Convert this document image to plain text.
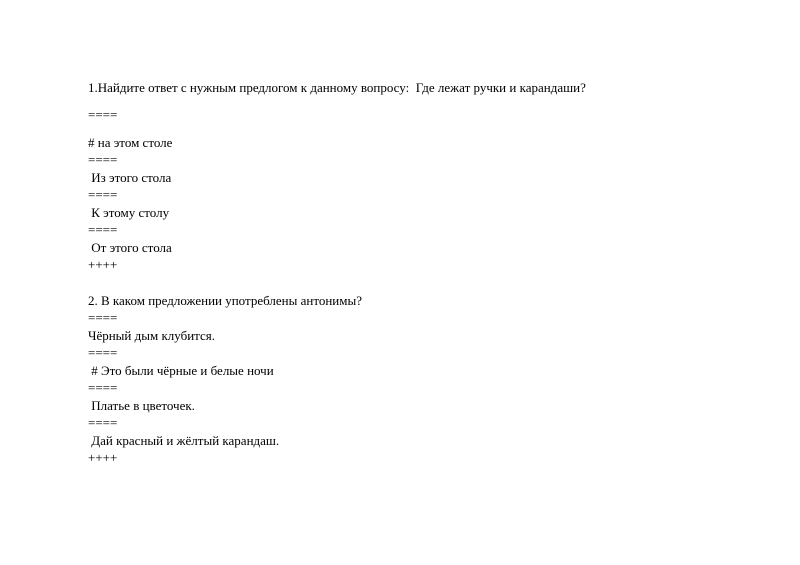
1.Найдите ответ с нужным предлогом к данному вопросу:  Где лежат ручки и карандаши?
====
# на этом столе
====
Из этого стола
====
К этому столу
====
От этого стола
++++
2. В каком предложении употреблены антонимы?
====
Чёрный дым клубится.
====
# Это были чёрные и белые ночи
====
Платье в цветочек.
====
Дай красный и жёлтый карандаш.
++++
